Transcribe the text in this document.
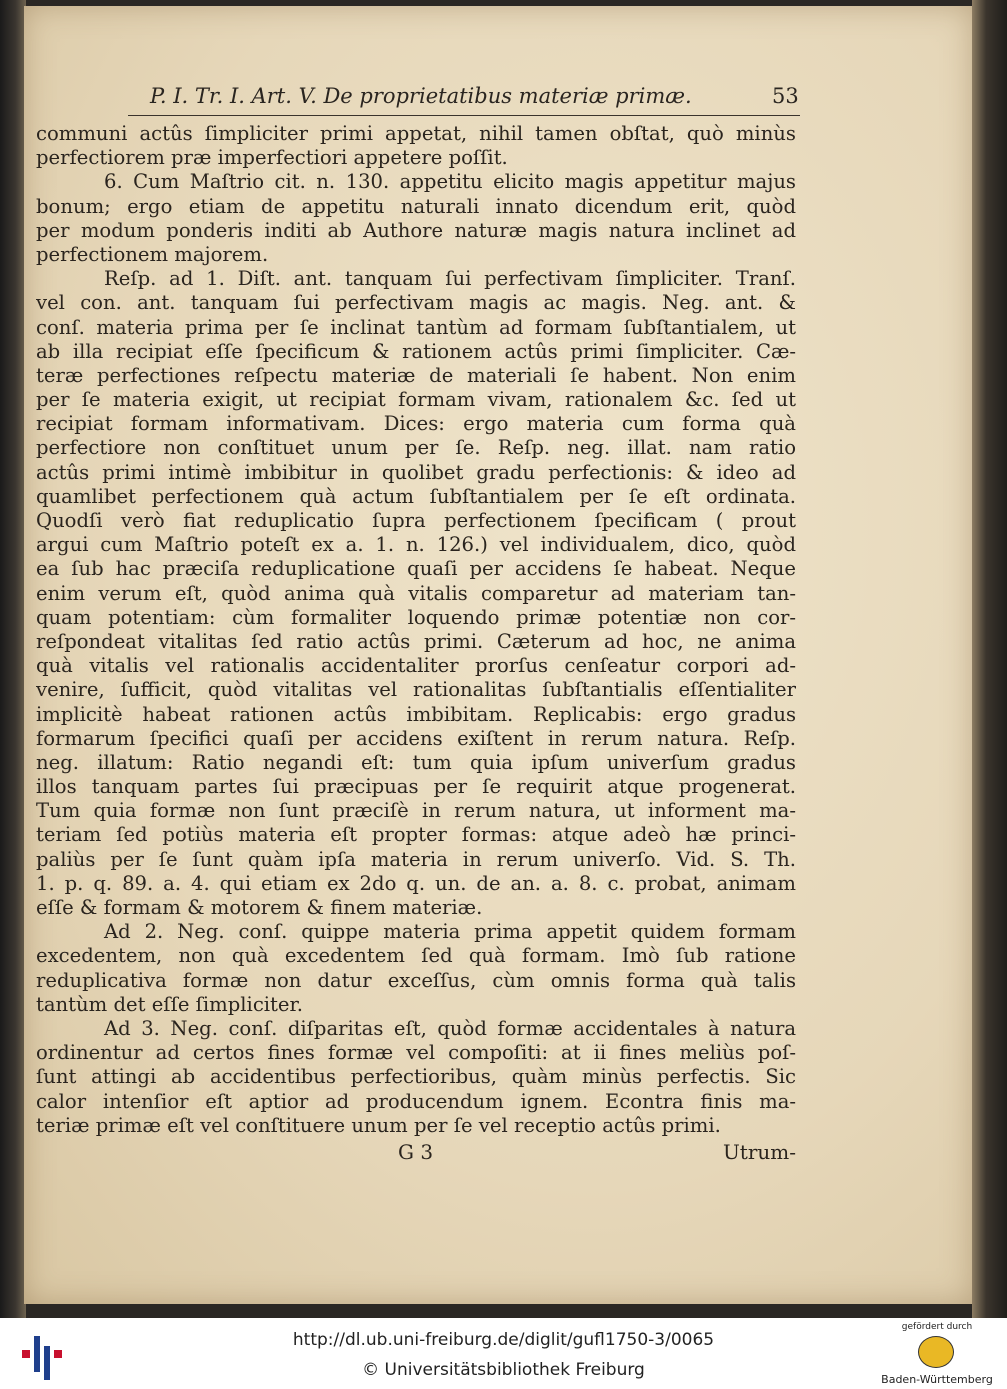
P. I. Tr. I. Art. V. De proprietatibus materiæ primæ.	53
communi actûs ſimpliciter primi appetat, nihil tamen obſtat, quò minùs
perfectiorem præ imperfectiori appetere poſſit.
6. Cum Maſtrio cit. n. 130. appetitu elicito magis appetitur majus
bonum; ergo etiam de appetitu naturali innato dicendum erit, quòd
per modum ponderis inditi ab Authore naturæ magis natura inclinet ad
perfectionem majorem.
Reſp. ad 1. Diſt. ant. tanquam ſui perfectivam ſimpliciter. Tranſ.
vel con. ant. tanquam ſui perfectivam magis ac magis. Neg. ant. &
conſ. materia prima per ſe inclinat tantùm ad formam ſubſtantialem, ut
ab illa recipiat eſſe ſpecificum & rationem actûs primi ſimpliciter. Cæ-
teræ perfectiones reſpectu materiæ de materiali ſe habent. Non enim
per ſe materia exigit, ut recipiat formam vivam, rationalem &c. ſed ut
recipiat formam informativam. Dices: ergo materia cum forma quà
perfectiore non conſtituet unum per ſe. Reſp. neg. illat. nam ratio
actûs primi intimè imbibitur in quolibet gradu perfectionis: & ideo ad
quamlibet perfectionem quà actum ſubſtantialem per ſe eſt ordinata.
Quodſi verò fiat reduplicatio ſupra perfectionem ſpecificam ( prout
argui cum Maſtrio poteſt ex a. 1. n. 126.) vel individualem, dico, quòd
ea ſub hac præciſa reduplicatione quaſi per accidens ſe habeat. Neque
enim verum eſt, quòd anima quà vitalis comparetur ad materiam tan-
quam potentiam: cùm formaliter loquendo primæ potentiæ non cor-
reſpondeat vitalitas ſed ratio actûs primi. Cæterum ad hoc, ne anima
quà vitalis vel rationalis accidentaliter prorſus cenſeatur corpori ad-
venire, ſufficit, quòd vitalitas vel rationalitas ſubſtantialis eſſentialiter
implicitè habeat rationen actûs imbibitam. Replicabis: ergo gradus
formarum ſpecifici quaſi per accidens exiſtent in rerum natura. Reſp.
neg. illatum: Ratio negandi eſt: tum quia ipſum univerſum gradus
illos tanquam partes ſui præcipuas per ſe requirit atque progenerat.
Tum quia formæ non ſunt præciſè in rerum natura, ut informent ma-
teriam ſed potiùs materia eſt propter formas: atque adeò hæ princi-
paliùs per ſe ſunt quàm ipſa materia in rerum univerſo. Vid. S. Th.
1. p. q. 89. a. 4. qui etiam ex 2do q. un. de an. a. 8. c. probat, animam
eſſe & formam & motorem & finem materiæ.
Ad 2. Neg. conſ. quippe materia prima appetit quidem formam
excedentem, non quà excedentem ſed quà formam. Imò ſub ratione
reduplicativa formæ non datur exceſſus, cùm omnis forma quà talis
tantùm det eſſe ſimpliciter.
Ad 3. Neg. conſ. diſparitas eſt, quòd formæ accidentales à natura
ordinentur ad certos fines formæ vel compoſiti: at ii fines meliùs poſ-
ſunt attingi ab accidentibus perfectioribus, quàm minùs perfectis. Sic
calor intenſior eſt aptior ad producendum ignem. Econtra finis ma-
teriæ primæ eſt vel conſtituere unum per ſe vel receptio actûs primi.
G 3	Utrum-
http://dl.ub.uni-freiburg.de/diglit/gufl1750-3/0065
© Universitätsbibliothek Freiburg
gefördert durch
Baden-Württemberg
